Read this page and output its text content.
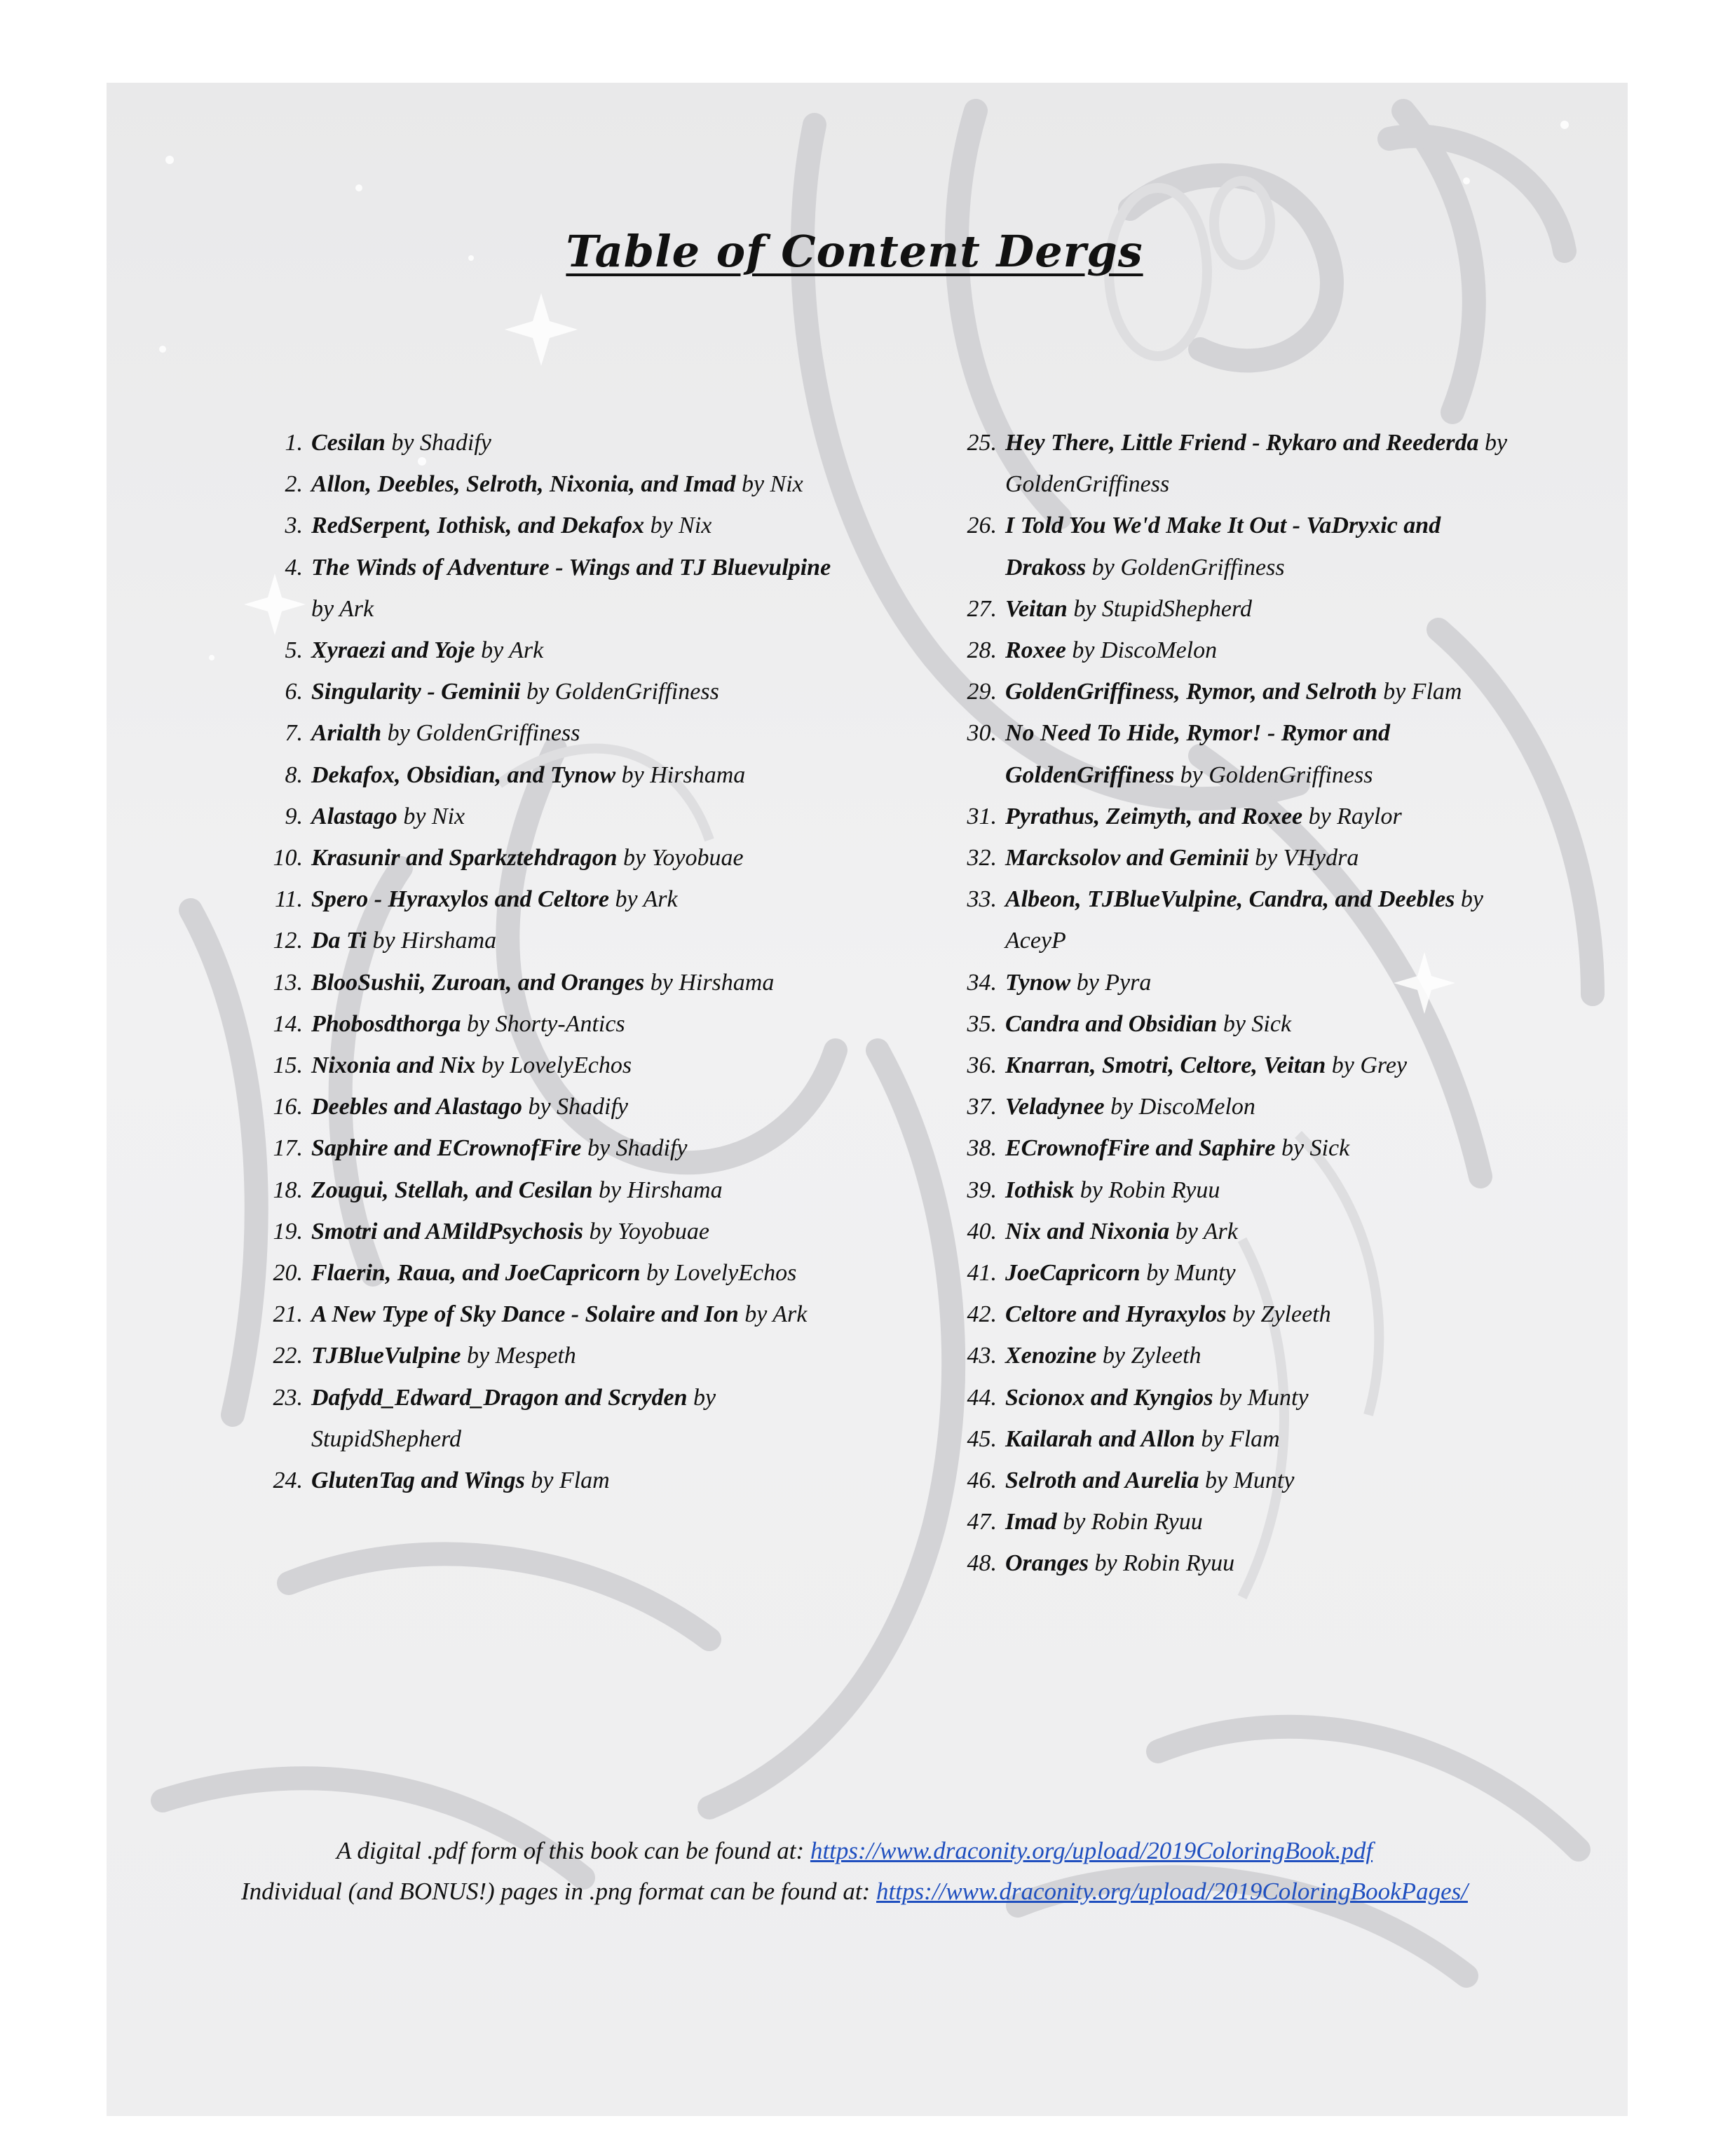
Table of Content Dergs
1. Cesilan by Shadify
2. Allon, Deebles, Selroth, Nixonia, and Imad by Nix
3. RedSerpent, Iothisk, and Dekafox by Nix
4. The Winds of Adventure - Wings and TJ Bluevulpine by Ark
5. Xyraezi and Yoje by Ark
6. Singularity - Geminii by GoldenGriffiness
7. Arialth by GoldenGriffiness
8. Dekafox, Obsidian, and Tynow by Hirshama
9. Alastago by Nix
10. Krasunir and Sparkztehdragon by Yoyobuae
11. Spero - Hyraxylos and Celtore by Ark
12. Da Ti by Hirshama
13. BlooSushii, Zuroan, and Oranges by Hirshama
14. Phobosdthorga by Shorty-Antics
15. Nixonia and Nix by LovelyEchos
16. Deebles and Alastago by Shadify
17. Saphire and ECrownofFire by Shadify
18. Zougui, Stellah, and Cesilan by Hirshama
19. Smotri and AMildPsychosis by Yoyobuae
20. Flaerin, Raua, and JoeCapricorn by LovelyEchos
21. A New Type of Sky Dance - Solaire and Ion by Ark
22. TJBlueVulpine by Mespeth
23. Dafydd_Edward_Dragon and Scryden by StupidShepherd
24. GlutenTag and Wings by Flam
25. Hey There, Little Friend - Rykaro and Reederda by GoldenGriffiness
26. I Told You We'd Make It Out - VaDryxic and Drakoss by GoldenGriffiness
27. Veitan by StupidShepherd
28. Roxee by DiscoMelon
29. GoldenGriffiness, Rymor, and Selroth by Flam
30. No Need To Hide, Rymor! - Rymor and GoldenGriffiness by GoldenGriffiness
31. Pyrathus, Zeimyth, and Roxee by Raylor
32. Marcksolov and Geminii by VHydra
33. Albeon, TJBlueVulpine, Candra, and Deebles by AceyP
34. Tynow by Pyra
35. Candra and Obsidian by Sick
36. Knarran, Smotri, Celtore, Veitan by Grey
37. Veladynee by DiscoMelon
38. ECrownofFire and Saphire by Sick
39. Iothisk by Robin Ryuu
40. Nix and Nixonia by Ark
41. JoeCapricorn by Munty
42. Celtore and Hyraxylos by Zyleeth
43. Xenozine by Zyleeth
44. Scionox and Kyngios by Munty
45. Kailarah and Allon by Flam
46. Selroth and Aurelia by Munty
47. Imad by Robin Ryuu
48. Oranges by Robin Ryuu
A digital .pdf form of this book can be found at: https://www.draconity.org/upload/2019ColoringBook.pdf
Individual (and BONUS!) pages in .png format can be found at: https://www.draconity.org/upload/2019ColoringBookPages/
